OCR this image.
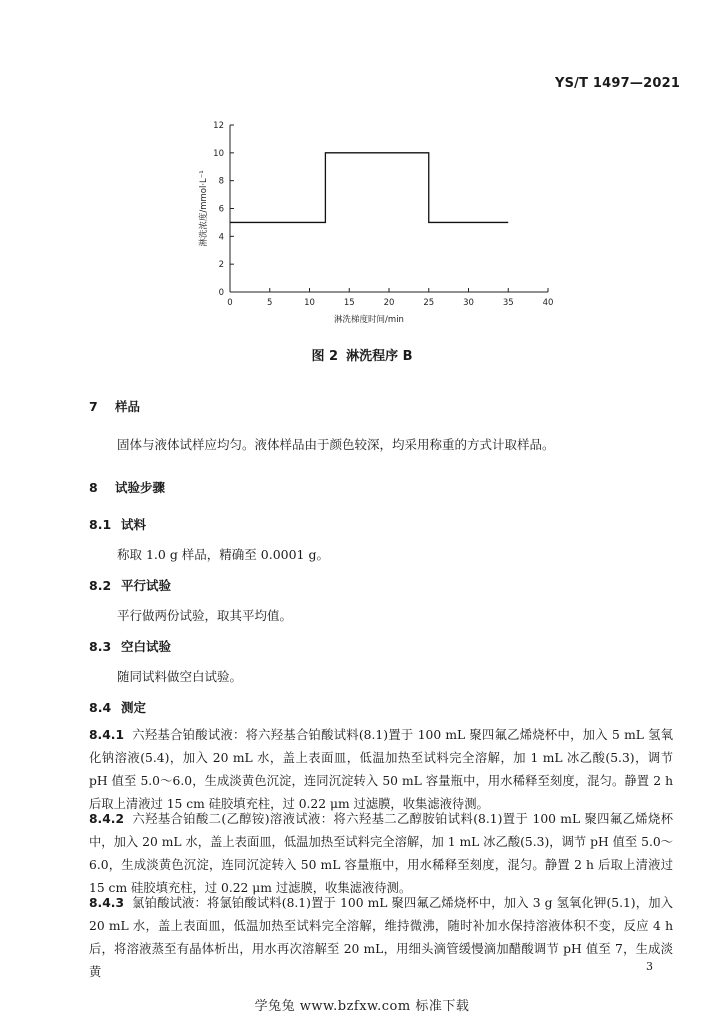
YS/T 1497—2021
0	5	10	15	20	25	30	35	40
0
2
4
6
8
10
12
淋洗梯度时间/min
淋洗浓度/mmol·L⁻¹
图 2 淋洗程序 B
7 样品
固体与液体试样应均匀。液体样品由于颜色较深，均采用称重的方式计取样品。
8 试验步骤
8.1 试料
称取 1.0 g 样品，精确至 0.0001 g。
8.2 平行试验
平行做两份试验，取其平均值。
8.3 空白试验
随同试料做空白试验。
8.4 测定
8.4.1 六羟基合铂酸试液：将六羟基合铂酸试料(8.1)置于 100 mL 聚四氟乙烯烧杯中，加入 5 mL 氢氧化钠溶液(5.4)，加入 20 mL 水，盖上表面皿，低温加热至试料完全溶解，加 1 mL 冰乙酸(5.3)，调节 pH 值至 5.0～6.0，生成淡黄色沉淀，连同沉淀转入 50 mL 容量瓶中，用水稀释至刻度，混匀。静置 2 h 后取上清液过 15 cm 硅胶填充柱，过 0.22 μm 过滤膜，收集滤液待测。
8.4.2 六羟基合铂酸二(乙醇铵)溶液试液：将六羟基二乙醇胺铂试料(8.1)置于 100 mL 聚四氟乙烯烧杯中，加入 20 mL 水，盖上表面皿，低温加热至试料完全溶解，加 1 mL 冰乙酸(5.3)，调节 pH 值至 5.0～6.0，生成淡黄色沉淀，连同沉淀转入 50 mL 容量瓶中，用水稀释至刻度，混匀。静置 2 h 后取上清液过 15 cm 硅胶填充柱，过 0.22 μm 过滤膜，收集滤液待测。
8.4.3 氯铂酸试液：将氯铂酸试料(8.1)置于 100 mL 聚四氟乙烯烧杯中，加入 3 g 氢氧化钾(5.1)，加入 20 mL 水，盖上表面皿，低温加热至试料完全溶解，维持微沸，随时补加水保持溶液体积不变，反应 4 h 后，将溶液蒸至有晶体析出，用水再次溶解至 20 mL，用细头滴管缓慢滴加醋酸调节 pH 值至 7，生成淡黄	3
学兔兔 www.bzfxw.com 标准下载
